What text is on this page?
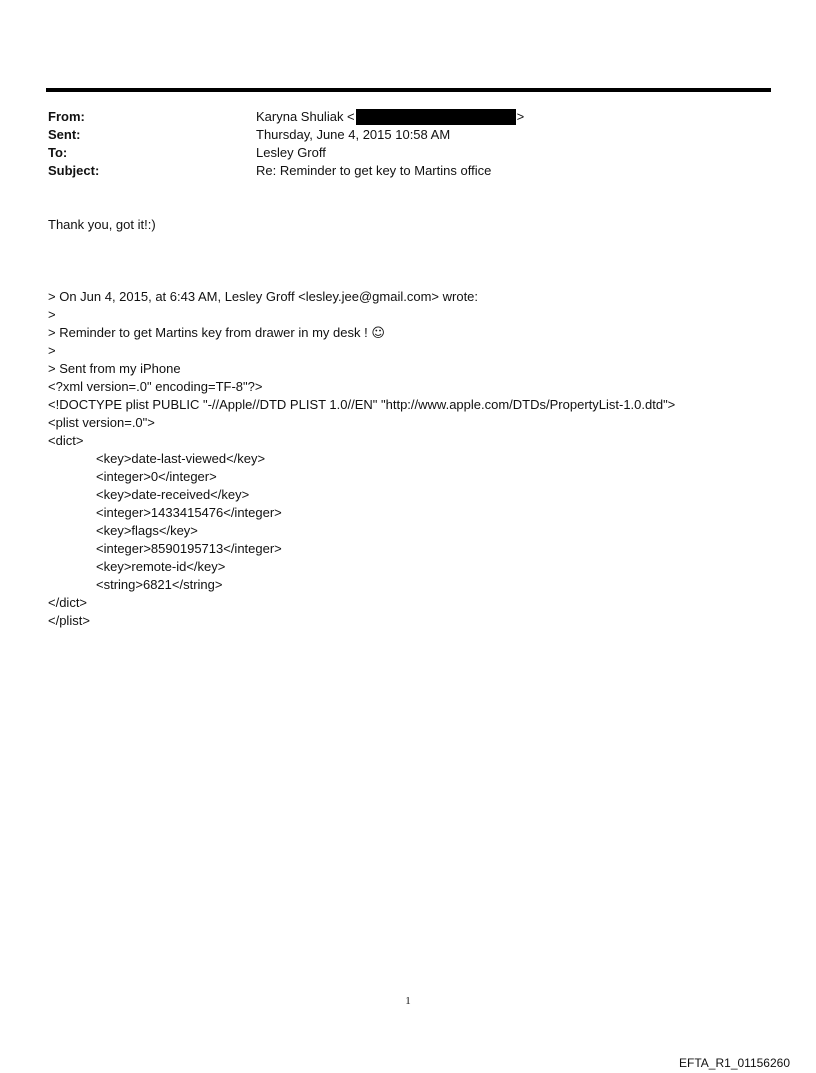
From:	Karyna Shuliak <	>
Sent:	Thursday, June 4, 2015 10:58 AM
To:	Lesley Groff
Subject:	Re: Reminder to get key to Martins office
Thank you, got it!:)
> On Jun 4, 2015, at 6:43 AM, Lesley Groff <lesley.jee@gmail.com> wrote:
>
> Reminder to get Martins key from drawer in my desk ! ☺
>
> Sent from my iPhone
<?xml version=.0" encoding=TF-8"?>
<!DOCTYPE plist PUBLIC "-//Apple//DTD PLIST 1.0//EN" "http://www.apple.com/DTDs/PropertyList-1.0.dtd">
<plist version=.0">
<dict>
<key>date-last-viewed</key>
<integer>0</integer>
<key>date-received</key>
<integer>1433415476</integer>
<key>flags</key>
<integer>8590195713</integer>
<key>remote-id</key>
<string>6821</string>
</dict>
</plist>
1
EFTA_R1_01156260
